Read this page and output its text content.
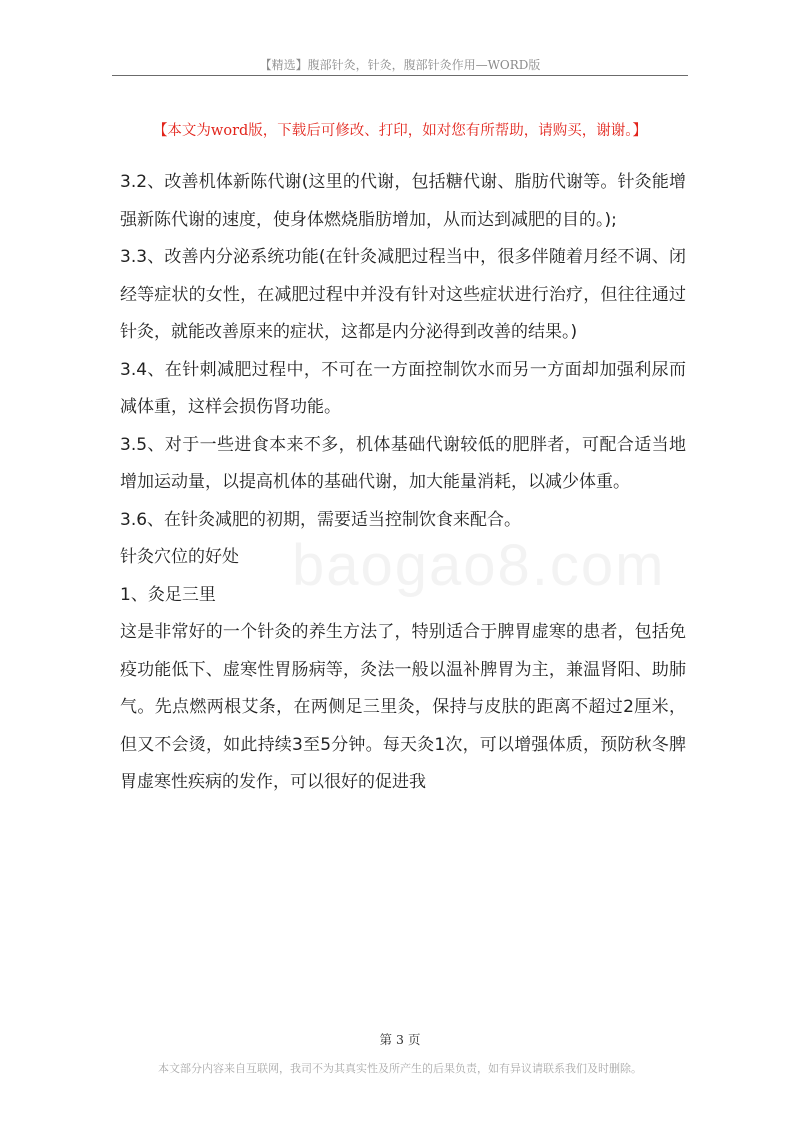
【精选】腹部针灸，针灸，腹部针灸作用—WORD版
【本文为word版，下载后可修改、打印，如对您有所帮助，请购买，谢谢。】
baogao8.com

3.2、改善机体新陈代谢(这里的代谢，包括糖代谢、脂肪代谢等。针灸能增强新陈代谢的速度，使身体燃烧脂肪增加，从而达到减肥的目的。);

3.3、改善内分泌系统功能(在针灸减肥过程当中，很多伴随着月经不调、闭经等症状的女性，在减肥过程中并没有针对这些症状进行治疗，但往往通过针灸，就能改善原来的症状，这都是内分泌得到改善的结果。)

3.4、在针刺减肥过程中，不可在一方面控制饮水而另一方面却加强利尿而减体重，这样会损伤肾功能。

3.5、对于一些进食本来不多，机体基础代谢较低的肥胖者，可配合适当地增加运动量，以提高机体的基础代谢，加大能量消耗，以减少体重。

3.6、在针灸减肥的初期，需要适当控制饮食来配合。

针灸穴位的好处

1、灸足三里

这是非常好的一个针灸的养生方法了，特别适合于脾胃虚寒的患者，包括免疫功能低下、虚寒性胃肠病等，灸法一般以温补脾胃为主，兼温肾阳、助肺气。先点燃两根艾条，在两侧足三里灸，保持与皮肤的距离不超过2厘米，但又不会烫，如此持续3至5分钟。每天灸1次，可以增强体质，预防秋冬脾胃虚寒性疾病的发作，可以很好的促进我

第 3 页
本文部分内容来自互联网，我司不为其真实性及所产生的后果负责，如有异议请联系我们及时删除。
